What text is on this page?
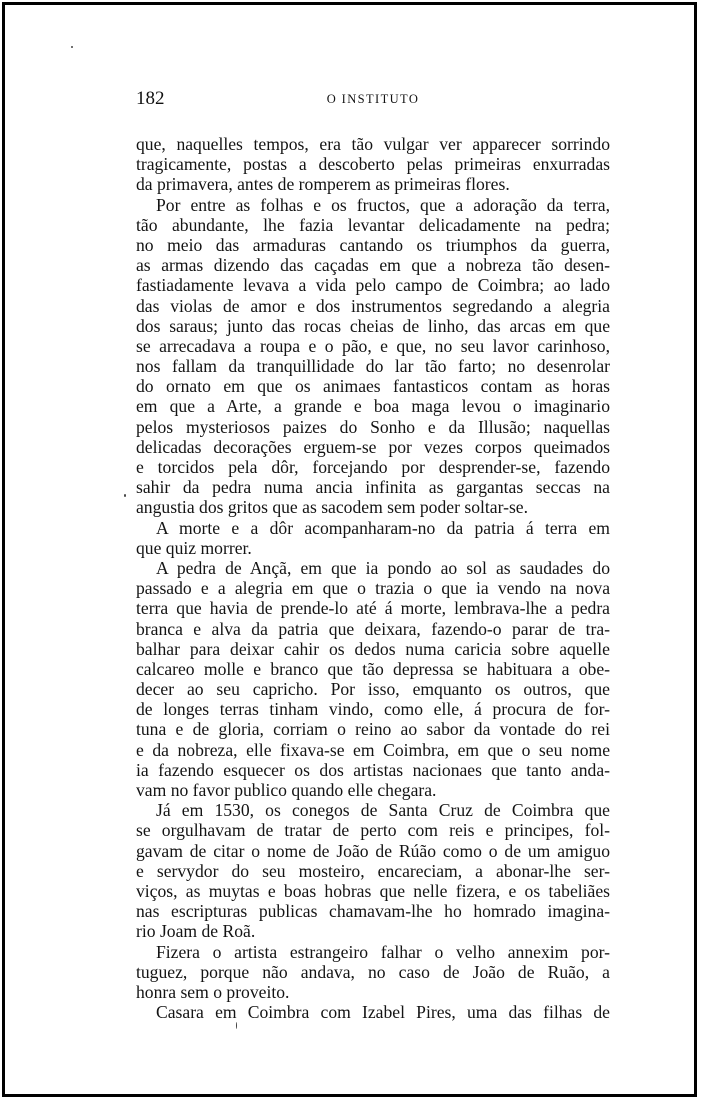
182	O INSTITUTO
que, naquelles tempos, era tão vulgar ver apparecer sorrindo
tragicamente, postas a descoberto pelas primeiras enxurradas
da primavera, antes de romperem as primeiras flores.
Por entre as folhas e os fructos, que a adoração da terra,
tão abundante, lhe fazia levantar delicadamente na pedra;
no meio das armaduras cantando os triumphos da guerra,
as armas dizendo das caçadas em que a nobreza tão desen-
fastiadamente levava a vida pelo campo de Coimbra; ao lado
das violas de amor e dos instrumentos segredando a alegria
dos saraus; junto das rocas cheias de linho, das arcas em que
se arrecadava a roupa e o pão, e que, no seu lavor carinhoso,
nos fallam da tranquillidade do lar tão farto; no desenrolar
do ornato em que os animaes fantasticos contam as horas
em que a Arte, a grande e boa maga levou o imaginario
pelos mysteriosos paizes do Sonho e da Illusão; naquellas
delicadas decorações erguem-se por vezes corpos queimados
e torcidos pela dôr, forcejando por desprender-se, fazendo
sahir da pedra numa ancia infinita as gargantas seccas na
angustia dos gritos que as sacodem sem poder soltar-se.
A morte e a dôr acompanharam-no da patria á terra em
que quiz morrer.
A pedra de Ançã, em que ia pondo ao sol as saudades do
passado e a alegria em que o trazia o que ia vendo na nova
terra que havia de prende-lo até á morte, lembrava-lhe a pedra
branca e alva da patria que deixara, fazendo-o parar de tra-
balhar para deixar cahir os dedos numa caricia sobre aquelle
calcareo molle e branco que tão depressa se habituara a obe-
decer ao seu capricho. Por isso, emquanto os outros, que
de longes terras tinham vindo, como elle, á procura de for-
tuna e de gloria, corriam o reino ao sabor da vontade do rei
e da nobreza, elle fixava-se em Coimbra, em que o seu nome
ia fazendo esquecer os dos artistas nacionaes que tanto anda-
vam no favor publico quando elle chegara.
Já em 1530, os conegos de Santa Cruz de Coimbra que
se orgulhavam de tratar de perto com reis e principes, fol-
gavam de citar o nome de João de Rúão como o de um amiguo
e servydor do seu mosteiro, encareciam, a abonar-lhe ser-
viços, as muytas e boas hobras que nelle fizera, e os tabeliães
nas escripturas publicas chamavam-lhe ho homrado imagina-
rio Joam de Roã.
Fizera o artista estrangeiro falhar o velho annexim por-
tuguez, porque não andava, no caso de João de Ruão, a
honra sem o proveito.
Casara em Coimbra com Izabel Pires, uma das filhas de
